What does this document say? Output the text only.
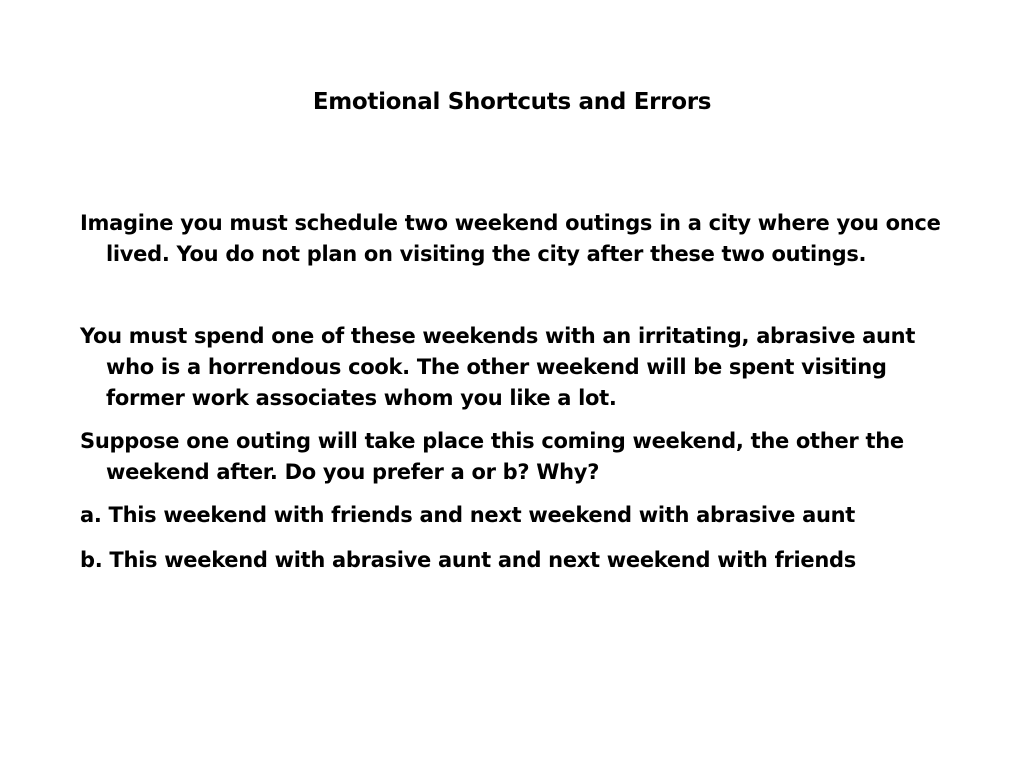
Emotional Shortcuts and Errors

Imagine you must schedule two weekend outings in a city where you once lived. You do not plan on visiting the city after these two outings.

You must spend one of these weekends with an irritating, abrasive aunt who is a horrendous cook. The other weekend will be spent visiting former work associates whom you like a lot.

Suppose one outing will take place this coming weekend, the other the weekend after. Do you prefer a or b? Why?

a. This weekend with friends and next weekend with abrasive aunt

b. This weekend with abrasive aunt and next weekend with friends
